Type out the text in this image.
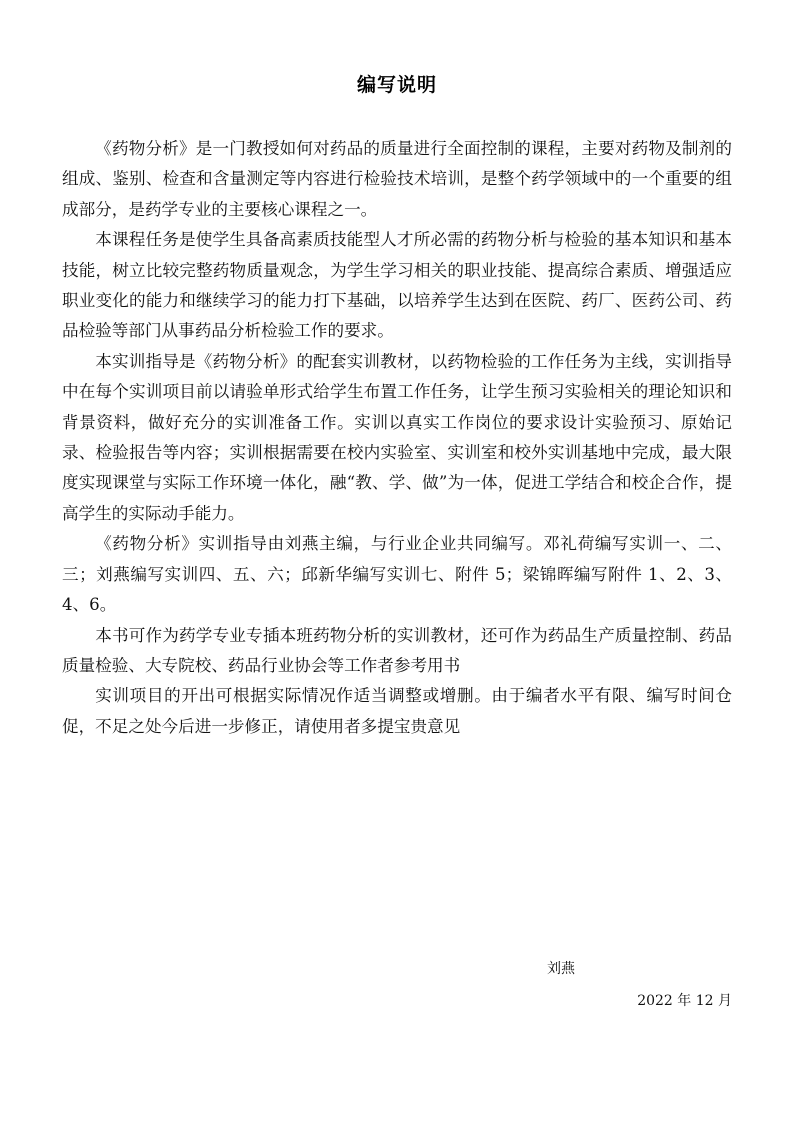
编写说明

《药物分析》是一门教授如何对药品的质量进行全面控制的课程，主要对药物及制剂的组成、鉴别、检查和含量测定等内容进行检验技术培训，是整个药学领域中的一个重要的组成部分，是药学专业的主要核心课程之一。

本课程任务是使学生具备高素质技能型人才所必需的药物分析与检验的基本知识和基本技能，树立比较完整药物质量观念，为学生学习相关的职业技能、提高综合素质、增强适应职业变化的能力和继续学习的能力打下基础，以培养学生达到在医院、药厂、医药公司、药品检验等部门从事药品分析检验工作的要求。

本实训指导是《药物分析》的配套实训教材，以药物检验的工作任务为主线，实训指导中在每个实训项目前以请验单形式给学生布置工作任务，让学生预习实验相关的理论知识和背景资料，做好充分的实训准备工作。实训以真实工作岗位的要求设计实验预习、原始记录、检验报告等内容；实训根据需要在校内实验室、实训室和校外实训基地中完成，最大限度实现课堂与实际工作环境一体化，融“教、学、做”为一体，促进工学结合和校企合作，提高学生的实际动手能力。

《药物分析》实训指导由刘燕主编，与行业企业共同编写。邓礼荷编写实训一、二、三；刘燕编写实训四、五、六；邱新华编写实训七、附件 5；梁锦晖编写附件 1、2、3、4、6。

本书可作为药学专业专插本班药物分析的实训教材，还可作为药品生产质量控制、药品质量检验、大专院校、药品行业协会等工作者参考用书

实训项目的开出可根据实际情况作适当调整或增删。由于编者水平有限、编写时间仓促，不足之处今后进一步修正，请使用者多提宝贵意见

刘燕
2022 年 12 月
